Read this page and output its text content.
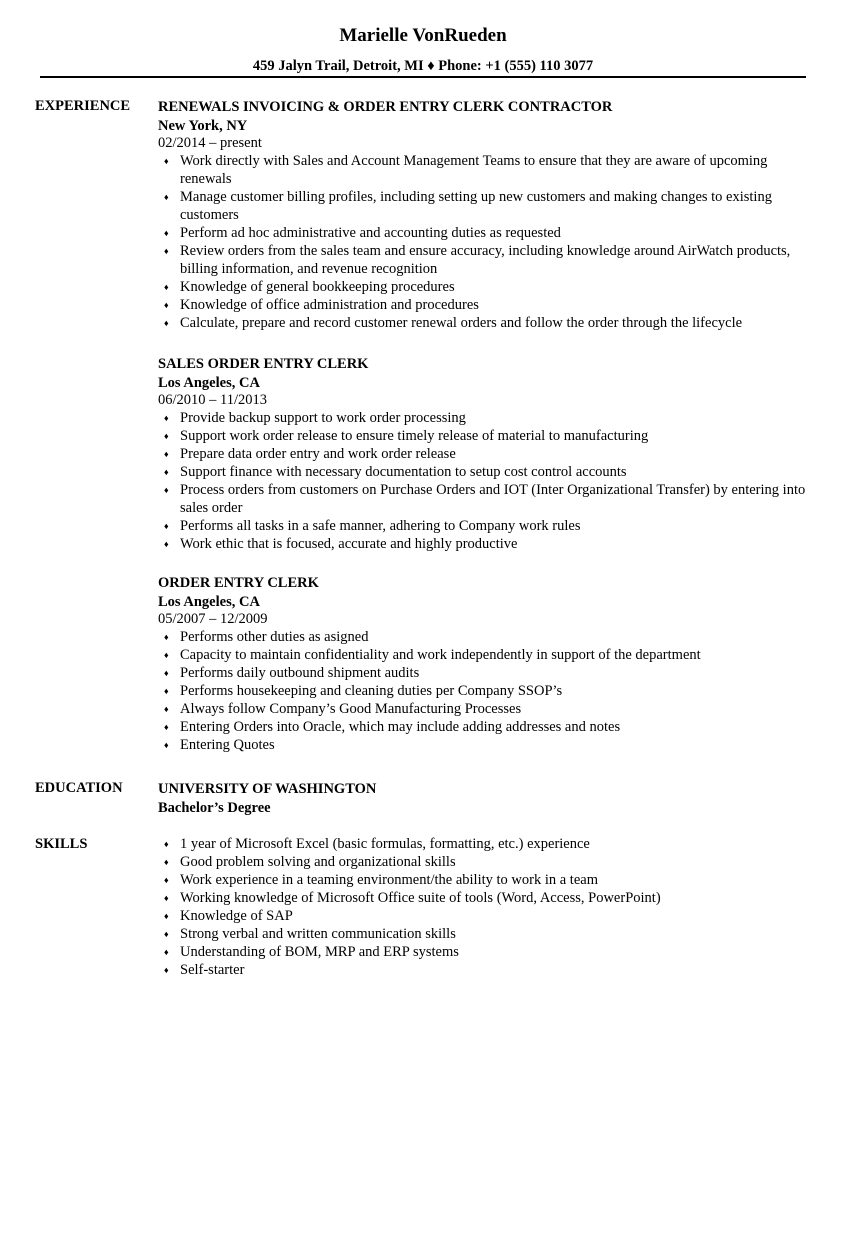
Marielle VonRueden
459 Jalyn Trail, Detroit, MI ♦ Phone: +1 (555) 110 3077
EXPERIENCE RENEWALS INVOICING & ORDER ENTRY CLERK CONTRACTOR
New York, NY
02/2014 – present
♦ Work directly with Sales and Account Management Teams to ensure that they are aware of upcoming renewals
♦ Manage customer billing profiles, including setting up new customers and making changes to existing customers
♦ Perform ad hoc administrative and accounting duties as requested
♦ Review orders from the sales team and ensure accuracy, including knowledge around AirWatch products, billing information, and revenue recognition
♦ Knowledge of general bookkeeping procedures
♦ Knowledge of office administration and procedures
♦ Calculate, prepare and record customer renewal orders and follow the order through the lifecycle
SALES ORDER ENTRY CLERK
Los Angeles, CA
06/2010 – 11/2013
♦ Provide backup support to work order processing
♦ Support work order release to ensure timely release of material to manufacturing
♦ Prepare data order entry and work order release
♦ Support finance with necessary documentation to setup cost control accounts
♦ Process orders from customers on Purchase Orders and IOT (Inter Organizational Transfer) by entering into sales order
♦ Performs all tasks in a safe manner, adhering to Company work rules
♦ Work ethic that is focused, accurate and highly productive
ORDER ENTRY CLERK
Los Angeles, CA
05/2007 – 12/2009
♦ Performs other duties as asigned
♦ Capacity to maintain confidentiality and work independently in support of the department
♦ Performs daily outbound shipment audits
♦ Performs housekeeping and cleaning duties per Company SSOP’s
♦ Always follow Company’s Good Manufacturing Processes
♦ Entering Orders into Oracle, which may include adding addresses and notes
♦ Entering Quotes
EDUCATION UNIVERSITY OF WASHINGTON
Bachelor’s Degree
SKILLS	♦ 1 year of Microsoft Excel (basic formulas, formatting, etc.) experience
♦ Good problem solving and organizational skills
♦ Work experience in a teaming environment/the ability to work in a team
♦ Working knowledge of Microsoft Office suite of tools (Word, Access, PowerPoint)
♦ Knowledge of SAP
♦ Strong verbal and written communication skills
♦ Understanding of BOM, MRP and ERP systems
♦ Self-starter
